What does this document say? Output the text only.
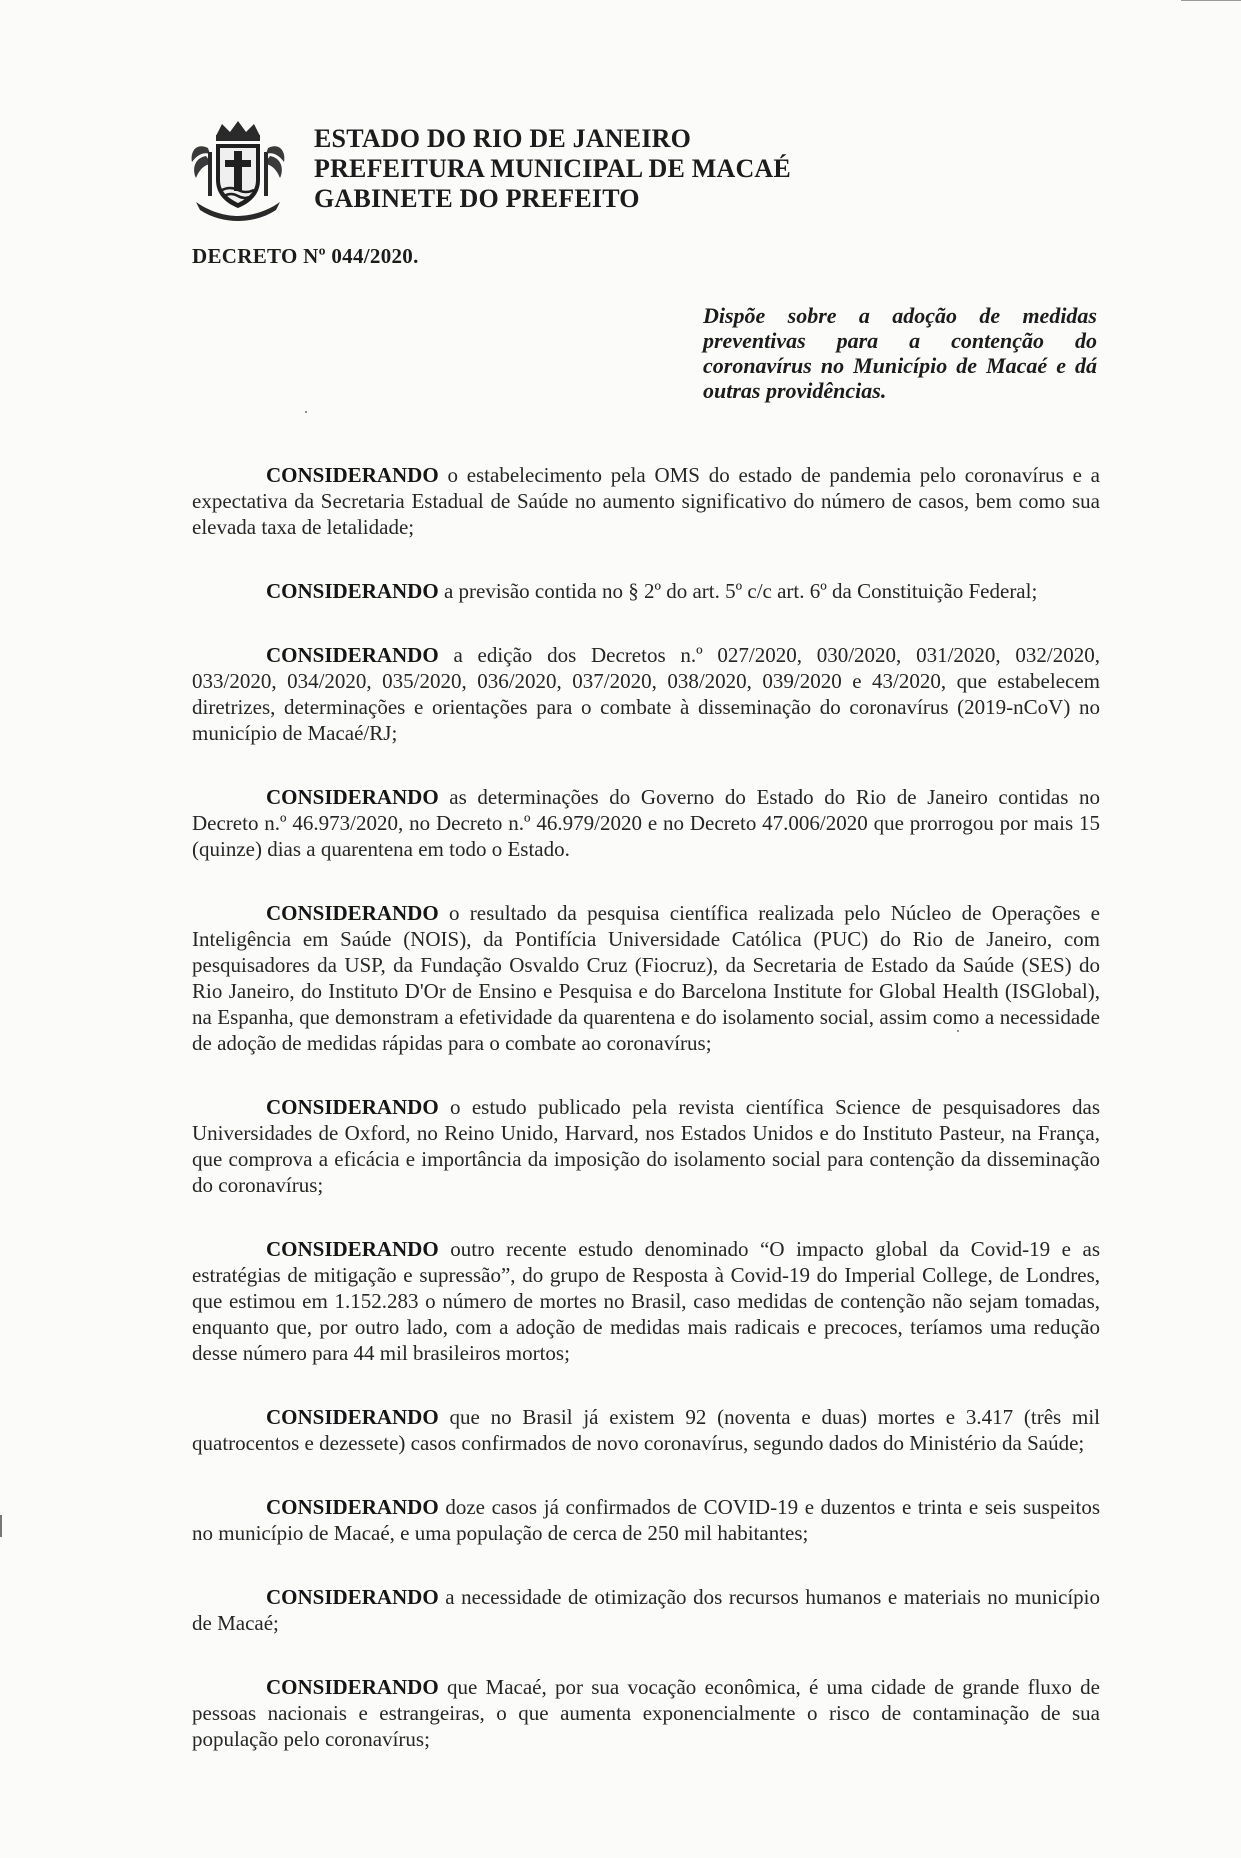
ESTADO DO RIO DE JANEIRO
PREFEITURA MUNICIPAL DE MACAÉ
GABINETE DO PREFEITO
DECRETO Nº 044/2020.
Dispõe sobre a adoção de medidas preventivas para a contenção do coronavírus no Município de Macaé e dá outras providências.

CONSIDERANDO o estabelecimento pela OMS do estado de pandemia pelo coronavírus e a expectativa da Secretaria Estadual de Saúde no aumento significativo do número de casos, bem como sua elevada taxa de letalidade;

CONSIDERANDO a previsão contida no § 2º do art. 5º c/c art. 6º da Constituição Federal;

CONSIDERANDO a edição dos Decretos n.º 027/2020, 030/2020, 031/2020, 032/2020, 033/2020, 034/2020, 035/2020, 036/2020, 037/2020, 038/2020, 039/2020 e 43/2020, que estabelecem diretrizes, determinações e orientações para o combate à disseminação do coronavírus (2019-nCoV) no município de Macaé/RJ;

CONSIDERANDO as determinações do Governo do Estado do Rio de Janeiro contidas no Decreto n.º 46.973/2020, no Decreto n.º 46.979/2020 e no Decreto 47.006/2020 que prorrogou por mais 15 (quinze) dias a quarentena em todo o Estado.

CONSIDERANDO o resultado da pesquisa científica realizada pelo Núcleo de Operações e Inteligência em Saúde (NOIS), da Pontifícia Universidade Católica (PUC) do Rio de Janeiro, com pesquisadores da USP, da Fundação Osvaldo Cruz (Fiocruz), da Secretaria de Estado da Saúde (SES) do Rio Janeiro, do Instituto D'Or de Ensino e Pesquisa e do Barcelona Institute for Global Health (ISGlobal), na Espanha, que demonstram a efetividade da quarentena e do isolamento social, assim como a necessidade de adoção de medidas rápidas para o combate ao coronavírus;

CONSIDERANDO o estudo publicado pela revista científica Science de pesquisadores das Universidades de Oxford, no Reino Unido, Harvard, nos Estados Unidos e do Instituto Pasteur, na França, que comprova a eficácia e importância da imposição do isolamento social para contenção da disseminação do coronavírus;

CONSIDERANDO outro recente estudo denominado “O impacto global da Covid-19 e as estratégias de mitigação e supressão”, do grupo de Resposta à Covid-19 do Imperial College, de Londres, que estimou em 1.152.283 o número de mortes no Brasil, caso medidas de contenção não sejam tomadas, enquanto que, por outro lado, com a adoção de medidas mais radicais e precoces, teríamos uma redução desse número para 44 mil brasileiros mortos;

CONSIDERANDO que no Brasil já existem 92 (noventa e duas) mortes e 3.417 (três mil quatrocentos e dezessete) casos confirmados de novo coronavírus, segundo dados do Ministério da Saúde;

CONSIDERANDO doze casos já confirmados de COVID-19 e duzentos e trinta e seis suspeitos no município de Macaé, e uma população de cerca de 250 mil habitantes;

CONSIDERANDO a necessidade de otimização dos recursos humanos e materiais no município de Macaé;

CONSIDERANDO que Macaé, por sua vocação econômica, é uma cidade de grande fluxo de pessoas nacionais e estrangeiras, o que aumenta exponencialmente o risco de contaminação de sua população pelo coronavírus;
